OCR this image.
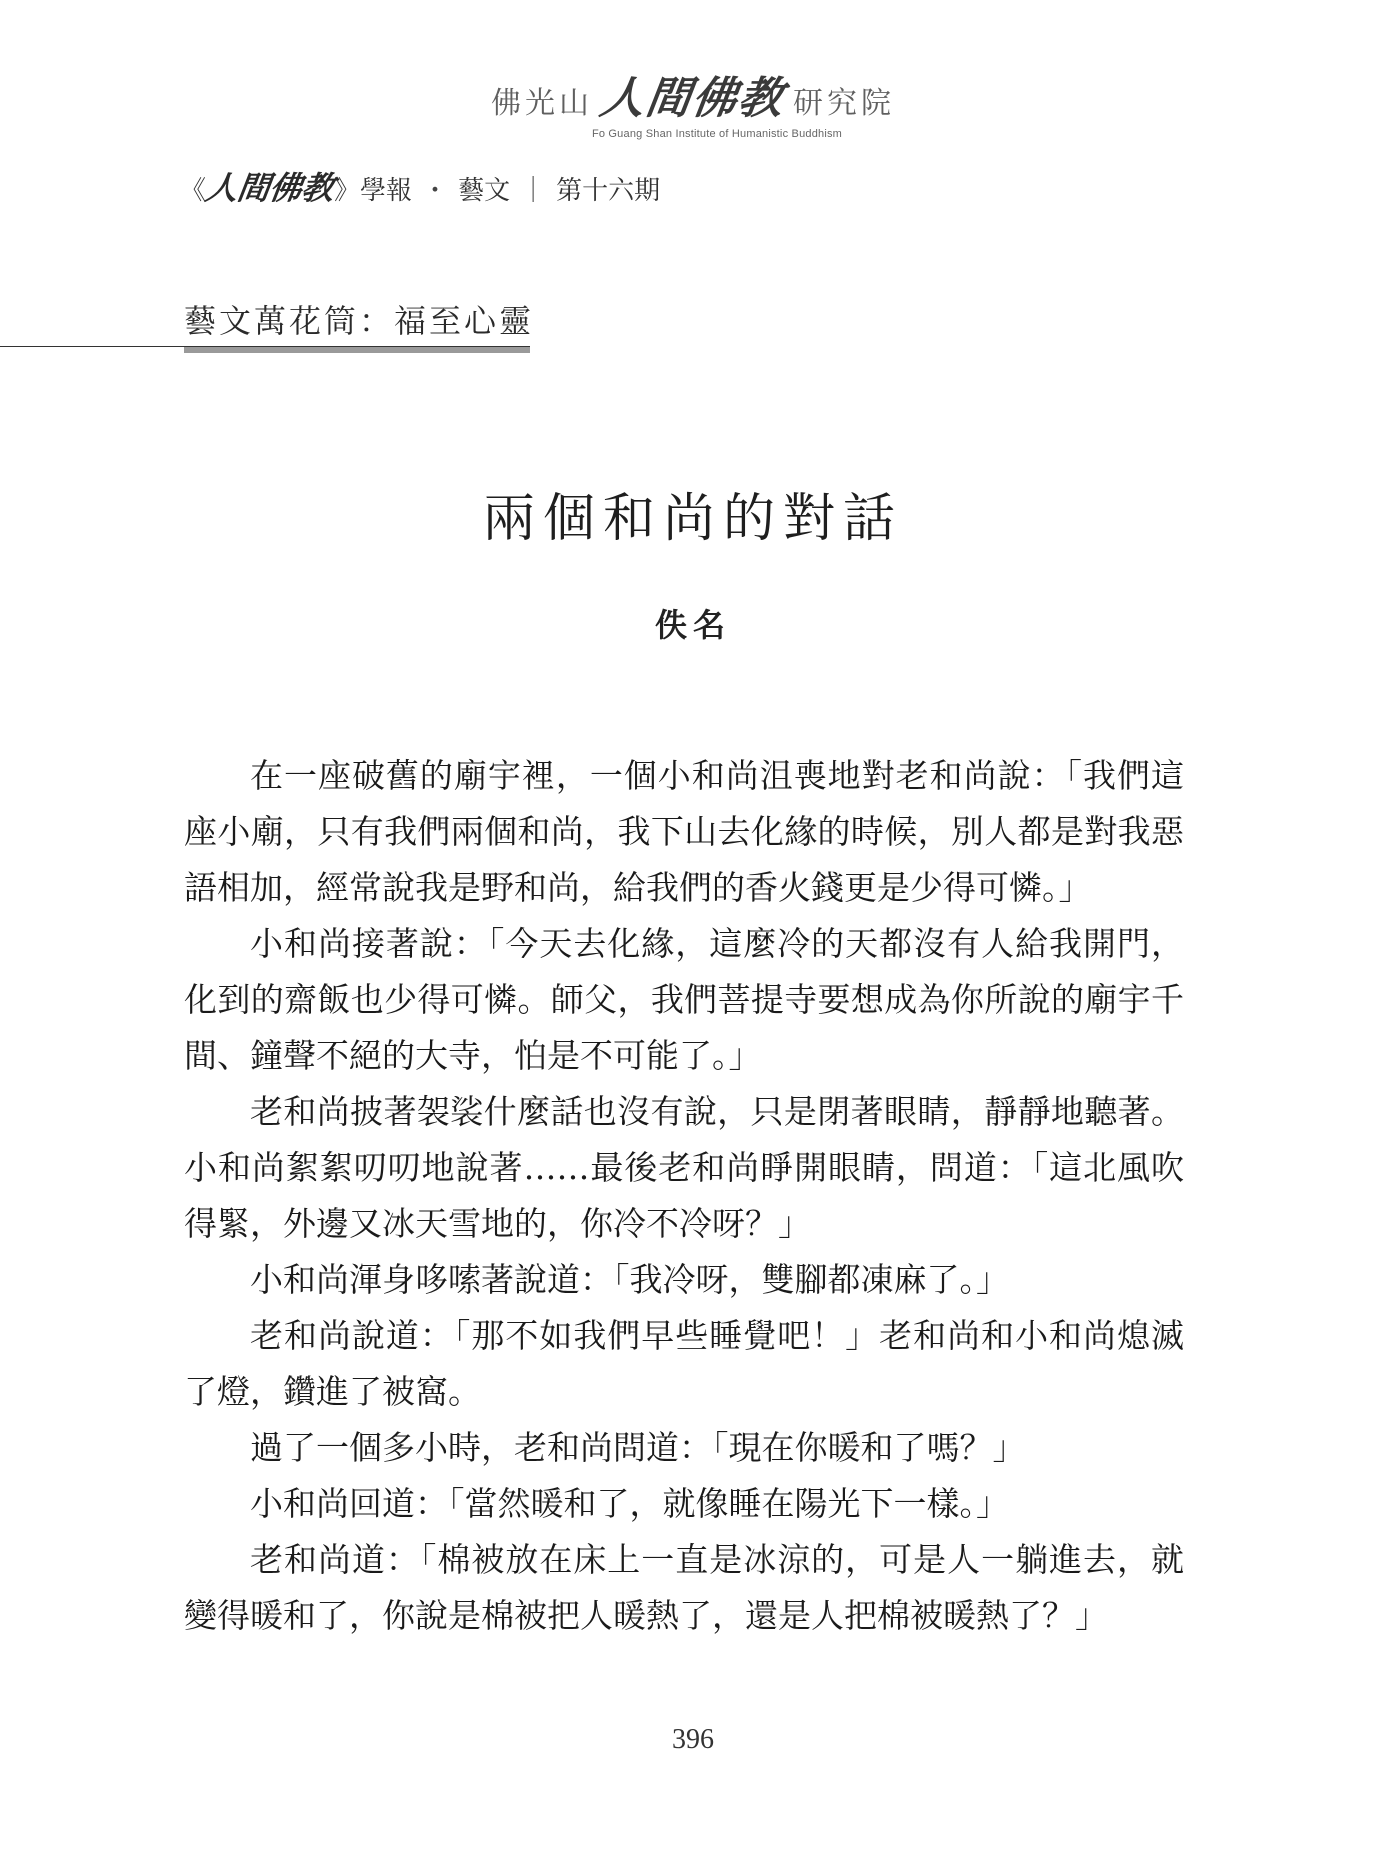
佛光山 人間佛教 研究院
Fo Guang Shan Institute of Humanistic Buddhism
《
人間佛教
》學報 ・ 藝文 ｜ 第十六期
藝文萬花筒：福至心靈
兩個和尚的對話
佚名

在一座破舊的廟宇裡，一個小和尚沮喪地對老和尚說：「我們這座小廟，只有我們兩個和尚，我下山去化緣的時候，別人都是對我惡語相加，經常說我是野和尚，給我們的香火錢更是少得可憐。」

小和尚接著說：「今天去化緣，這麼冷的天都沒有人給我開門，化到的齋飯也少得可憐。師父，我們菩提寺要想成為你所說的廟宇千間、鐘聲不絕的大寺，怕是不可能了。」

老和尚披著袈裟什麼話也沒有說，只是閉著眼睛，靜靜地聽著。小和尚絮絮叨叨地說著……最後老和尚睜開眼睛，問道：「這北風吹得緊，外邊又冰天雪地的，你冷不冷呀？」

小和尚渾身哆嗦著說道：「我冷呀，雙腳都凍麻了。」

老和尚說道：「那不如我們早些睡覺吧！」老和尚和小和尚熄滅了燈，鑽進了被窩。

過了一個多小時，老和尚問道：「現在你暖和了嗎？」

小和尚回道：「當然暖和了，就像睡在陽光下一樣。」

老和尚道：「棉被放在床上一直是冰涼的，可是人一躺進去，就變得暖和了，你說是棉被把人暖熱了，還是人把棉被暖熱了？」

396
